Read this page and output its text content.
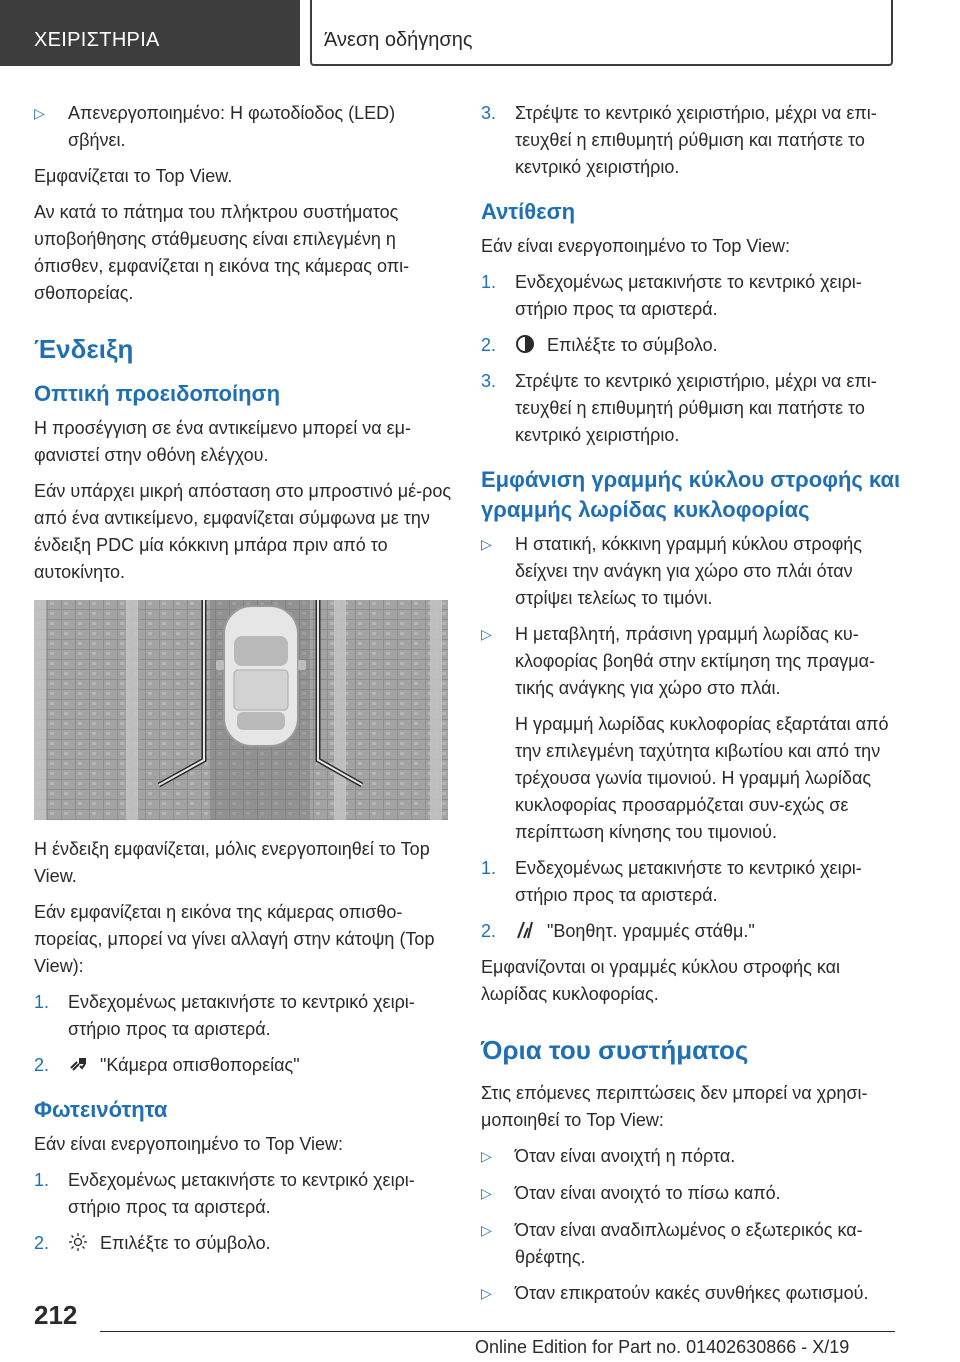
ΧΕΙΡΙΣΤΗΡΙΑ	Άνεση οδήγησης
▷	Απενεργοποιημένο: Η φωτοδίοδος (LED) σβήνει.

Εμφανίζεται το Top View.

Αν κατά το πάτημα του πλήκτρου συστήματος υποβοήθησης στάθμευσης είναι επιλεγμένη η όπισθεν, εμφανίζεται η εικόνα της κάμερας οπι-σθοπορείας.

Ένδειξη
Οπτική προειδοποίηση

Η προσέγγιση σε ένα αντικείμενο μπορεί να εμ-φανιστεί στην οθόνη ελέγχου.

Εάν υπάρχει μικρή απόσταση στο μπροστινό μέ-ρος από ένα αντικείμενο, εμφανίζεται σύμφωνα με την ένδειξη PDC μία κόκκινη μπάρα πριν από το αυτοκίνητο.

Η ένδειξη εμφανίζεται, μόλις ενεργοποιηθεί το Top View.

Εάν εμφανίζεται η εικόνα της κάμερας οπισθο-πορείας, μπορεί να γίνει αλλαγή στην κάτοψη (Top View):

1.	Ενδεχομένως μετακινήστε το κεντρικό χειρι-στήριο προς τα αριστερά.
2.	"Κάμερα οπισθοπορείας"
Φωτεινότητα

Εάν είναι ενεργοποιημένο το Top View:

1.	Ενδεχομένως μετακινήστε το κεντρικό χειρι-στήριο προς τα αριστερά.
2.	Επιλέξτε το σύμβολο.
3.	Στρέψτε το κεντρικό χειριστήριο, μέχρι να επι-τευχθεί η επιθυμητή ρύθμιση και πατήστε το κεντρικό χειριστήριο.
Αντίθεση

Εάν είναι ενεργοποιημένο το Top View:

1.	Ενδεχομένως μετακινήστε το κεντρικό χειρι-στήριο προς τα αριστερά.
2.	Επιλέξτε το σύμβολο.
3.	Στρέψτε το κεντρικό χειριστήριο, μέχρι να επι-τευχθεί η επιθυμητή ρύθμιση και πατήστε το κεντρικό χειριστήριο.
Εμφάνιση γραμμής κύκλου στροφής και γραμμής λωρίδας κυκλοφορίας
▷	Η στατική, κόκκινη γραμμή κύκλου στροφής δείχνει την ανάγκη για χώρο στο πλάι όταν στρίψει τελείως το τιμόνι.
▷	Η μεταβλητή, πράσινη γραμμή λωρίδας κυ-κλοφορίας βοηθά στην εκτίμηση της πραγμα-τικής ανάγκης για χώρο στο πλάι.

Η γραμμή λωρίδας κυκλοφορίας εξαρτάται από την επιλεγμένη ταχύτητα κιβωτίου και από την τρέχουσα γωνία τιμονιού. Η γραμμή λωρίδας κυκλοφορίας προσαρμόζεται συν-εχώς σε περίπτωση κίνησης του τιμονιού.

1.	Ενδεχομένως μετακινήστε το κεντρικό χειρι-στήριο προς τα αριστερά.
2.	"Βοηθητ. γραμμές στάθμ."

Εμφανίζονται οι γραμμές κύκλου στροφής και λωρίδας κυκλοφορίας.

Όρια του συστήματος

Στις επόμενες περιπτώσεις δεν μπορεί να χρησι-μοποιηθεί το Top View:

▷	Όταν είναι ανοιχτή η πόρτα.
▷	Όταν είναι ανοιχτό το πίσω καπό.
▷	Όταν είναι αναδιπλωμένος ο εξωτερικός κα-θρέφτης.
▷	Όταν επικρατούν κακές συνθήκες φωτισμού.
212
Online Edition for Part no. 01402630866 - X/19
